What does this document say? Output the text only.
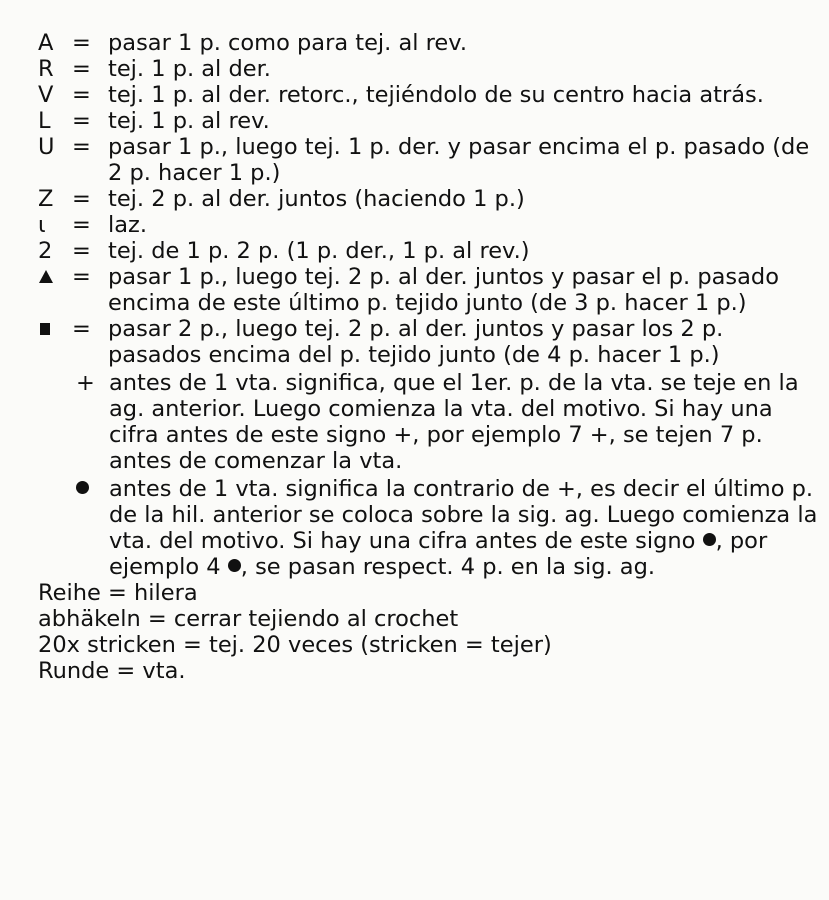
A = pasar 1 p. como para tej. al rev.
R = tej. 1 p. al der.
V = tej. 1 p. al der. retorc., tejiéndolo de su centro hacia atrás.
L = tej. 1 p. al rev.
U = pasar 1 p., luego tej. 1 p. der. y pasar encima el p. pasado (de 2 p. hacer 1 p.)
Z = tej. 2 p. al der. juntos (haciendo 1 p.)
ɩ	= laz.
2 = tej. de 1 p. 2 p. (1 p. der., 1 p. al rev.)
= pasar 1 p., luego tej. 2 p. al der. juntos y pasar el p. pasado encima de este último p. tejido junto (de 3 p. hacer 1 p.)
= pasar 2 p., luego tej. 2 p. al der. juntos y pasar los 2 p. pasados encima del p. tejido junto (de 4 p. hacer 1 p.)
+ antes de 1 vta. significa, que el 1er. p. de la vta. se teje en la ag. anterior. Luego comienza la vta. del motivo. Si hay una cifra antes de este signo +, por ejemplo 7 +, se tejen 7 p. antes de comenzar la vta.
antes de 1 vta. significa la contrario de +, es decir el último p. de la hil. anterior se coloca sobre la sig. ag. Luego comienza la vta. del motivo. Si hay una cifra antes de este signo , por ejemplo 4 , se pasan respect. 4 p. en la sig. ag.
Reihe = hilera
abhäkeln = cerrar tejiendo al crochet
20x stricken = tej. 20 veces (stricken = tejer)
Runde = vta.
